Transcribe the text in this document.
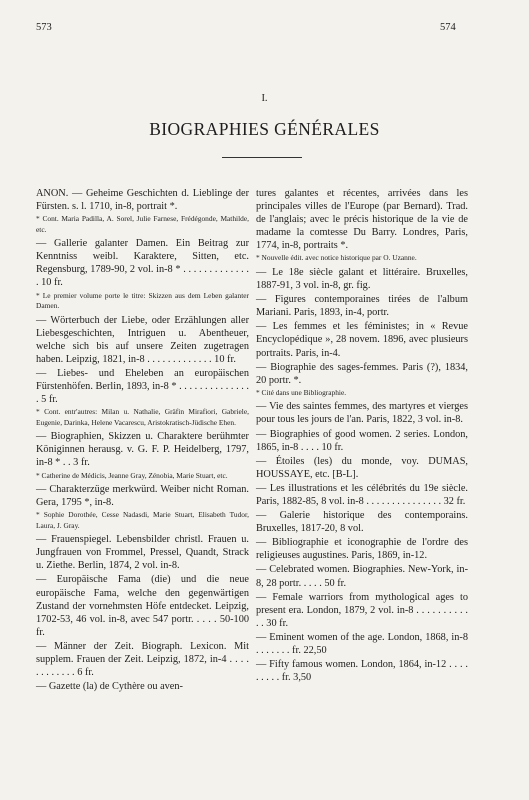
573	574
I.
BIOGRAPHIES GÉNÉRALES

ANON. — Geheime Geschichten d. Lieblinge der Fürsten. s. l. 1710, in-8, portrait *.

* Cont. Maria Padilla, A. Sorel, Julie Farnese, Frédégonde, Mathilde, etc.

— Gallerie galanter Damen. Ein Beitrag zur Kenntniss weibl. Karaktere, Sitten, etc. Regensburg, 1789-90, 2 vol. in-8 * . . . . . . . . . . . . . . 10 fr.

* Le premier volume porte le titre: Skizzen aus dem Leben galanter Damen.

— Wörterbuch der Liebe, oder Erzählungen aller Liebesgeschichten, Intriguen u. Abentheuer, welche sich bis auf unsere Zeiten zugetragen haben. Leipzig, 1821, in-8 . . . . . . . . . . . . . 10 fr.

— Liebes- und Eheleben an europäischen Fürstenhöfen. Berlin, 1893, in-8 * . . . . . . . . . . . . . . . 5 fr.

* Cont. entr'autres: Milan u. Nathalie, Gräfin Mirafiori, Gabriele, Eugenie, Darinka, Helene Vacarescu, Aristokratisch-Jüdische Ehen.

— Biographien, Skizzen u. Charaktere berühmter Königinnen herausg. v. G. F. P. Heidelberg, 1797, in-8 * . . 3 fr.

* Catherine de Médicis, Jeanne Gray, Zénobia, Marie Stuart, etc.

— Charakterzüge merkwürd. Weiber nicht Roman. Gera, 1795 *, in-8.

* Sophie Dorothée, Cesse Nadasdi, Marie Stuart, Elisabeth Tudor, Laura, J. Gray.

— Frauenspiegel. Lebensbilder christl. Frauen u. Jungfrauen von Frommel, Pressel, Quandt, Strack u. Ziethe. Berlin, 1874, 2 vol. in-8.

— Europäische Fama (die) und die neue europäische Fama, welche den gegenwärtigen Zustand der vornehmsten Höfe entdecket. Leipzig, 1702-53, 46 vol. in-8, avec 547 portr. . . . . 50-100 fr.

— Männer der Zeit. Biograph. Lexicon. Mit supplem. Frauen der Zeit. Leipzig, 1872, in-4 . . . . . . . . . . . . 6 fr.

— Gazette (la) de Cythère ou aven-

tures galantes et récentes, arrivées dans les principales villes de l'Europe (par Bernard). Trad. de l'anglais; avec le précis historique de la vie de madame la comtesse Du Barry. Londres, Paris, 1774, in-8, portraits *.

* Nouvelle édit. avec notice historique par O. Uzanne.

— Le 18e siècle galant et littéraire. Bruxelles, 1887-91, 3 vol. in-8, gr. fig.

— Figures contemporaines tirées de l'album Mariani. Paris, 1893, in-4, portr.

— Les femmes et les féministes; in « Revue Encyclopédique », 28 novem. 1896, avec plusieurs portraits. Paris, in-4.

— Biographie des sages-femmes. Paris (?), 1834, 20 portr. *.

* Cité dans une Bibliographie.

— Vie des saintes femmes, des martyres et vierges pour tous les jours de l'an. Paris, 1822, 3 vol. in-8.

— Biographies of good women. 2 series. London, 1865, in-8 . . . . 10 fr.

— Étoiles (les) du monde, voy. DUMAS, HOUSSAYE, etc. [B-L].

— Les illustrations et les célébrités du 19e siècle. Paris, 1882-85, 8 vol. in-8 . . . . . . . . . . . . . . . 32 fr.

— Galerie historique des contemporains. Bruxelles, 1817-20, 8 vol.

— Bibliographie et iconographie de l'ordre des religieuses augustines. Paris, 1869, in-12.

— Celebrated women. Biographies. New-York, in-8, 28 portr. . . . . 50 fr.

— Female warriors from mythological ages to present era. London, 1879, 2 vol. in-8 . . . . . . . . . . . . 30 fr.

— Eminent women of the age. London, 1868, in-8 . . . . . . . fr. 22,50

— Fifty famous women. London, 1864, in-12 . . . . . . . . . fr. 3,50
